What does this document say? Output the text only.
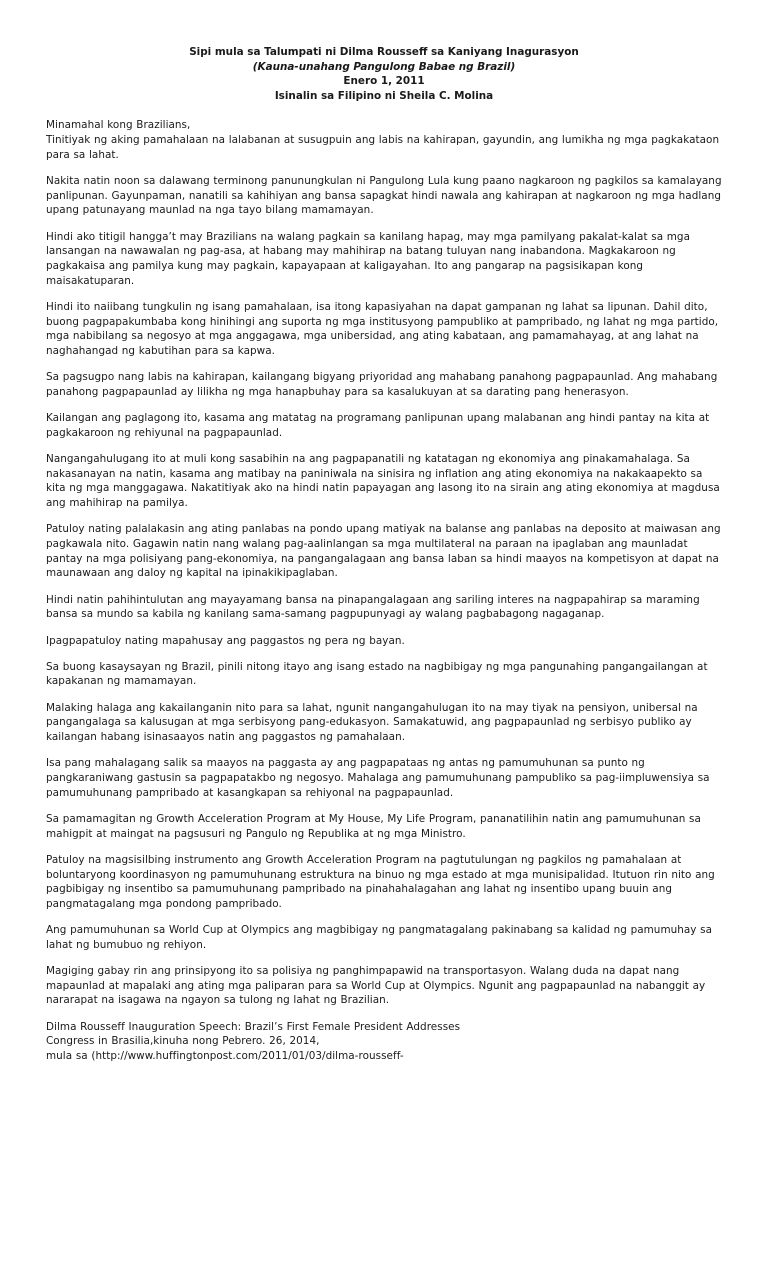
Sipi mula sa Talumpati ni Dilma Rousseff sa Kaniyang Inagurasyon
(Kauna-unahang Pangulong Babae ng Brazil)
Enero 1, 2011
Isinalin sa Filipino ni Sheila C. Molina
Minamahal kong Brazilians,

Tinitiyak ng aking pamahalaan na lalabanan at susugpuin ang labis na kahirapan, gayundin, ang lumikha ng mga pagkakataon para sa lahat.

Nakita natin noon sa dalawang terminong panunungkulan ni Pangulong Lula kung paano nagkaroon ng pagkilos sa kamalayang panlipunan. Gayunpaman, nanatili sa kahihiyan ang bansa sapagkat hindi nawala ang kahirapan at nagkaroon ng mga hadlang upang patunayang maunlad na nga tayo bilang mamamayan.

Hindi ako titigil hangga’t may Brazilians na walang pagkain sa kanilang hapag, may mga pamilyang pakalat-kalat sa mga lansangan na nawawalan ng pag-asa, at habang may mahihirap na batang tuluyan nang inabandona. Magkakaroon ng pagkakaisa ang pamilya kung may pagkain, kapayapaan at kaligayahan. Ito ang pangarap na pagsisikapan kong maisakatuparan.

Hindi ito naiibang tungkulin ng isang pamahalaan, isa itong kapasiyahan na dapat gampanan ng lahat sa lipunan. Dahil dito, buong pagpapakumbaba kong hinihingi ang suporta ng mga institusyong pampubliko at pampribado, ng lahat ng mga partido, mga nabibilang sa negosyo at mga anggagawa, mga unibersidad, ang ating kabataan, ang pamamahayag, at ang lahat na naghahangad ng kabutihan para sa kapwa.

Sa pagsugpo nang labis na kahirapan, kailangang bigyang priyoridad ang mahabang panahong pagpapaunlad. Ang mahabang panahong pagpapaunlad ay lilikha ng mga hanapbuhay para sa kasalukuyan at sa darating pang henerasyon.

Kailangan ang paglagong ito, kasama ang matatag na programang panlipunan upang malabanan ang hindi pantay na kita at pagkakaroon ng rehiyunal na pagpapaunlad.

Nangangahulugang ito at muli kong sasabihin na ang pagpapanatili ng katatagan ng ekonomiya ang pinakamahalaga. Sa nakasanayan na natin, kasama ang matibay na paniniwala na sinisira ng inflation ang ating ekonomiya na nakakaapekto sa kita ng mga manggagawa. Nakatitiyak ako na hindi natin papayagan ang lasong ito na sirain ang ating ekonomiya at magdusa ang mahihirap na pamilya.

Patuloy nating palalakasin ang ating panlabas na pondo upang matiyak na balanse ang panlabas na deposito at maiwasan ang pagkawala nito. Gagawin natin nang walang pag-aalinlangan sa mga multilateral na paraan na ipaglaban ang maunladat pantay na mga polisiyang pang-ekonomiya, na pangangalagaan ang bansa laban sa hindi maayos na kompetisyon at dapat na maunawaan ang daloy ng kapital na ipinakikipaglaban.

Hindi natin pahihintulutan ang mayayamang bansa na pinapangalagaan ang sariling interes na nagpapahirap sa maraming bansa sa mundo sa kabila ng kanilang sama-samang pagpupunyagi ay walang pagbabagong nagaganap.

Ipagpapatuloy nating mapahusay ang paggastos ng pera ng bayan.

Sa buong kasaysayan ng Brazil, pinili nitong itayo ang isang estado na nagbibigay ng mga pangunahing pangangailangan at kapakanan ng mamamayan.

Malaking halaga ang kakailanganin nito para sa lahat, ngunit nangangahulugan ito na may tiyak na pensiyon, unibersal na pangangalaga sa kalusugan at mga serbisyong pang-edukasyon. Samakatuwid, ang pagpapaunlad ng serbisyo publiko ay kailangan habang isinasaayos natin ang paggastos ng pamahalaan.

Isa pang mahalagang salik sa maayos na paggasta ay ang pagpapataas ng antas ng pamumuhunan sa punto ng pangkaraniwang gastusin sa pagpapatakbo ng negosyo. Mahalaga ang pamumuhunang pampubliko sa pag-iimpluwensiya sa pamumuhunang pampribado at kasangkapan sa rehiyonal na pagpapaunlad.

Sa pamamagitan ng Growth Acceleration Program at My House, My Life Program, pananatilihin natin ang pamumuhunan sa mahigpit at maingat na pagsusuri ng Pangulo ng Republika at ng mga Ministro.

Patuloy na magsisilbing instrumento ang Growth Acceleration Program na pagtutulungan ng pagkilos ng pamahalaan at boluntaryong koordinasyon ng pamumuhunang estruktura na binuo ng mga estado at mga munisipalidad. Itutuon rin nito ang pagbibigay ng insentibo sa pamumuhunang pampribado na pinahahalagahan ang lahat ng insentibo upang buuin ang pangmatagalang mga pondong pampribado.

Ang pamumuhunan sa World Cup at Olympics ang magbibigay ng pangmatagalang pakinabang sa kalidad ng pamumuhay sa lahat ng bumubuo ng rehiyon.

Magiging gabay rin ang prinsipyong ito sa polisiya ng panghimpapawid na transportasyon. Walang duda na dapat nang mapaunlad at mapalaki ang ating mga paliparan para sa World Cup at Olympics. Ngunit ang pagpapaunlad na nabanggit ay nararapat na isagawa na ngayon sa tulong ng lahat ng Brazilian.

Dilma Rousseff Inauguration Speech: Brazil’s First Female President Addresses
Congress in Brasilia,kinuha nong Pebrero. 26, 2014,
mula sa (http://www.huffingtonpost.com/2011/01/03/dilma-rousseff-
